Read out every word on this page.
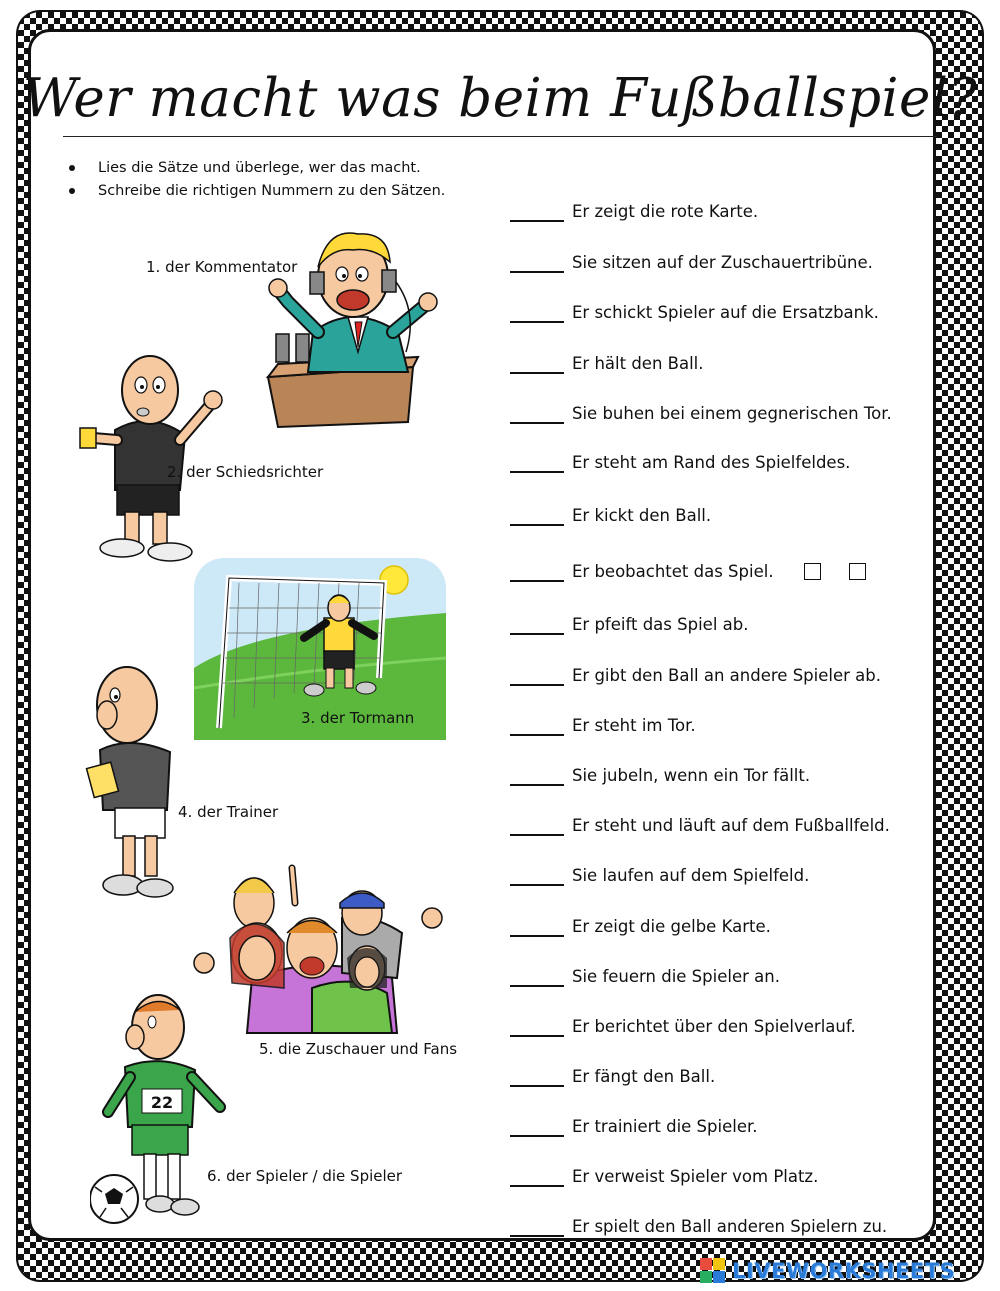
Wer macht was beim Fußballspiel?
Lies die Sätze und überlege, wer das macht.
Schreibe die richtigen Nummern zu den Sätzen.
22
1. der Kommentator
2. der Schiedsrichter
3. der Tormann
4. der Trainer
5. die Zuschauer und Fans
6. der Spieler / die Spieler
Er zeigt die rote Karte.
Sie sitzen auf der Zuschauertribüne.
Er schickt Spieler auf die Ersatzbank.
Er hält den Ball.
Sie buhen bei einem gegnerischen Tor.
Er steht am Rand des Spielfeldes.
Er kickt den Ball.
Er beobachtet das Spiel.
Er pfeift das Spiel ab.
Er gibt den Ball an andere Spieler ab.
Er steht im Tor.
Sie jubeln, wenn ein Tor fällt.
Er steht und läuft auf dem Fußballfeld.
Sie laufen auf dem Spielfeld.
Er zeigt die gelbe Karte.
Sie feuern die Spieler an.
Er berichtet über den Spielverlauf.
Er fängt den Ball.
Er trainiert die Spieler.
Er verweist Spieler vom Platz.
Er spielt den Ball anderen Spielern zu.
LIVEWORKSHEETS
